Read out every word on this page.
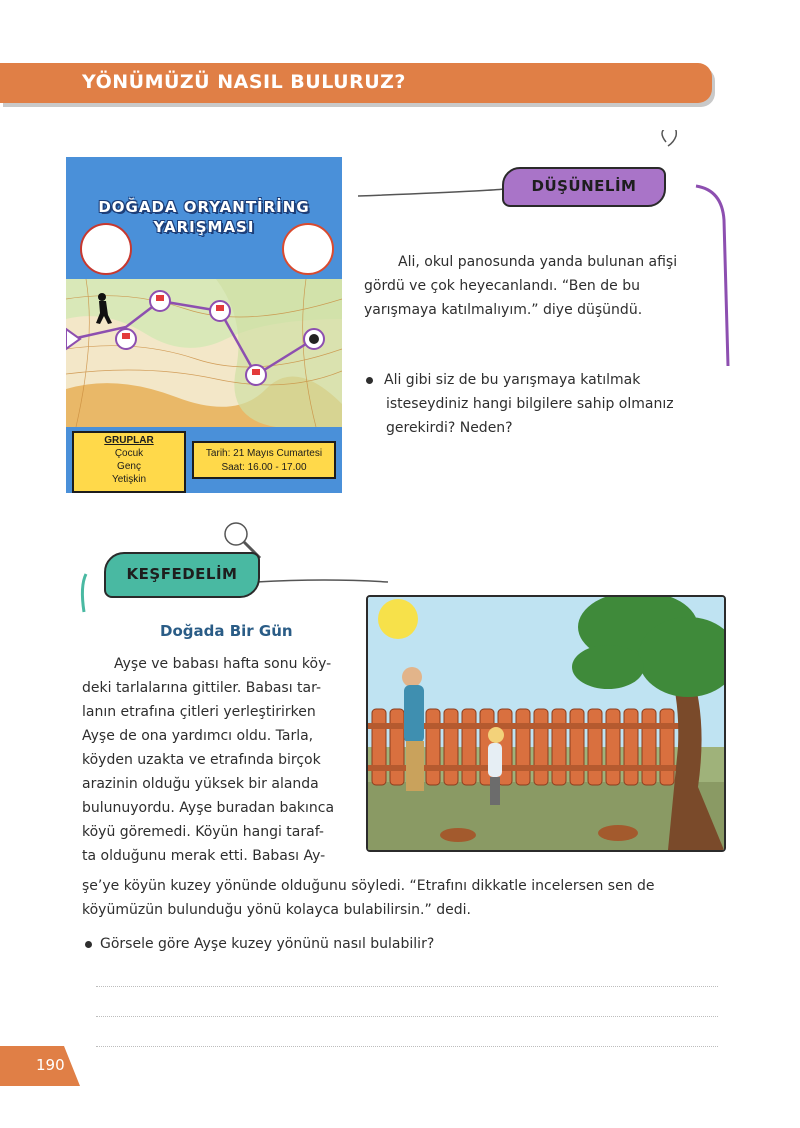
YÖNÜMÜZÜ NASIL BULURUZ?
DOĞADA ORYANTİRİNG
YARIŞMASI
GRUPLAR
Çocuk
Genç
Yetişkin
Tarih: 21 Mayıs Cumartesi
Saat: 16.00 - 17.00
DÜŞÜNELİM

Ali, okul panosunda yanda bulunan afişi

gördü ve çok heyecanlandı. “Ben de bu

yarışmaya katılmalıyım.” diye düşündü.

Ali gibi siz de bu yarışmaya katılmak
isteseydiniz hangi bilgilere sahip olmanız
gerekirdi? Neden?
KEŞFEDELİM
Doğada Bir Gün
Ayşe ve babası hafta sonu köy-
deki tarlalarına gittiler. Babası tar-
lanın etrafına çitleri yerleştirirken
Ayşe de ona yardımcı oldu. Tarla,
köyden uzakta ve etrafında birçok
arazinin olduğu yüksek bir alanda
bulunuyordu. Ayşe buradan bakınca
köyü göremedi. Köyün hangi taraf-
ta olduğunu merak etti. Babası Ay-
şe’ye köyün kuzey yönünde olduğunu söyledi. “Etrafını dikkatle incelersen sen de
köyümüzün bulunduğu yönü kolayca bulabilirsin.” dedi.
Görsele göre Ayşe kuzey yönünü nasıl bulabilir?
190
